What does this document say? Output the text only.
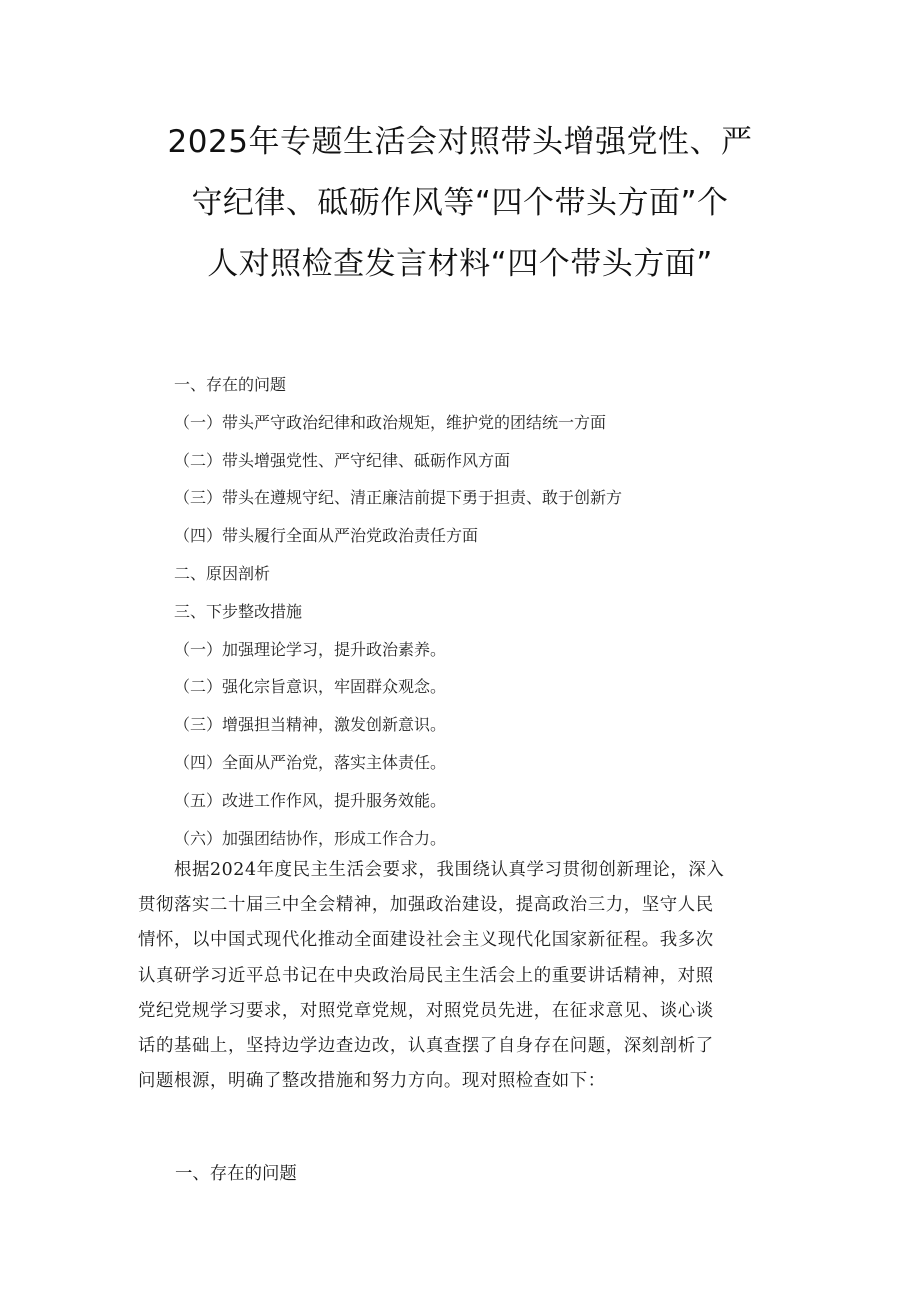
2025年专题生活会对照带头增强党性、严
守纪律、砥砺作风等“四个带头方面”个
人对照检查发言材料“四个带头方面”
一、存在的问题
（一）带头严守政治纪律和政治规矩，维护党的团结统一方面
（二）带头增强党性、严守纪律、砥砺作风方面
（三）带头在遵规守纪、清正廉洁前提下勇于担责、敢于创新方
（四）带头履行全面从严治党政治责任方面
二、原因剖析
三、下步整改措施
（一）加强理论学习，提升政治素养。
（二）强化宗旨意识，牢固群众观念。
（三）增强担当精神，激发创新意识。
（四）全面从严治党，落实主体责任。
（五）改进工作作风，提升服务效能。
（六）加强团结协作，形成工作合力。
根据2024年度民主生活会要求，我围绕认真学习贯彻创新理论，深入
贯彻落实二十届三中全会精神，加强政治建设，提高政治三力，坚守人民
情怀，以中国式现代化推动全面建设社会主义现代化国家新征程。我多次
认真研学习近平总书记在中央政治局民主生活会上的重要讲话精神，对照
党纪党规学习要求，对照党章党规，对照党员先进，在征求意见、谈心谈
话的基础上，坚持边学边查边改，认真查摆了自身存在问题，深刻剖析了
问题根源，明确了整改措施和努力方向。现对照检查如下：
一、存在的问题
